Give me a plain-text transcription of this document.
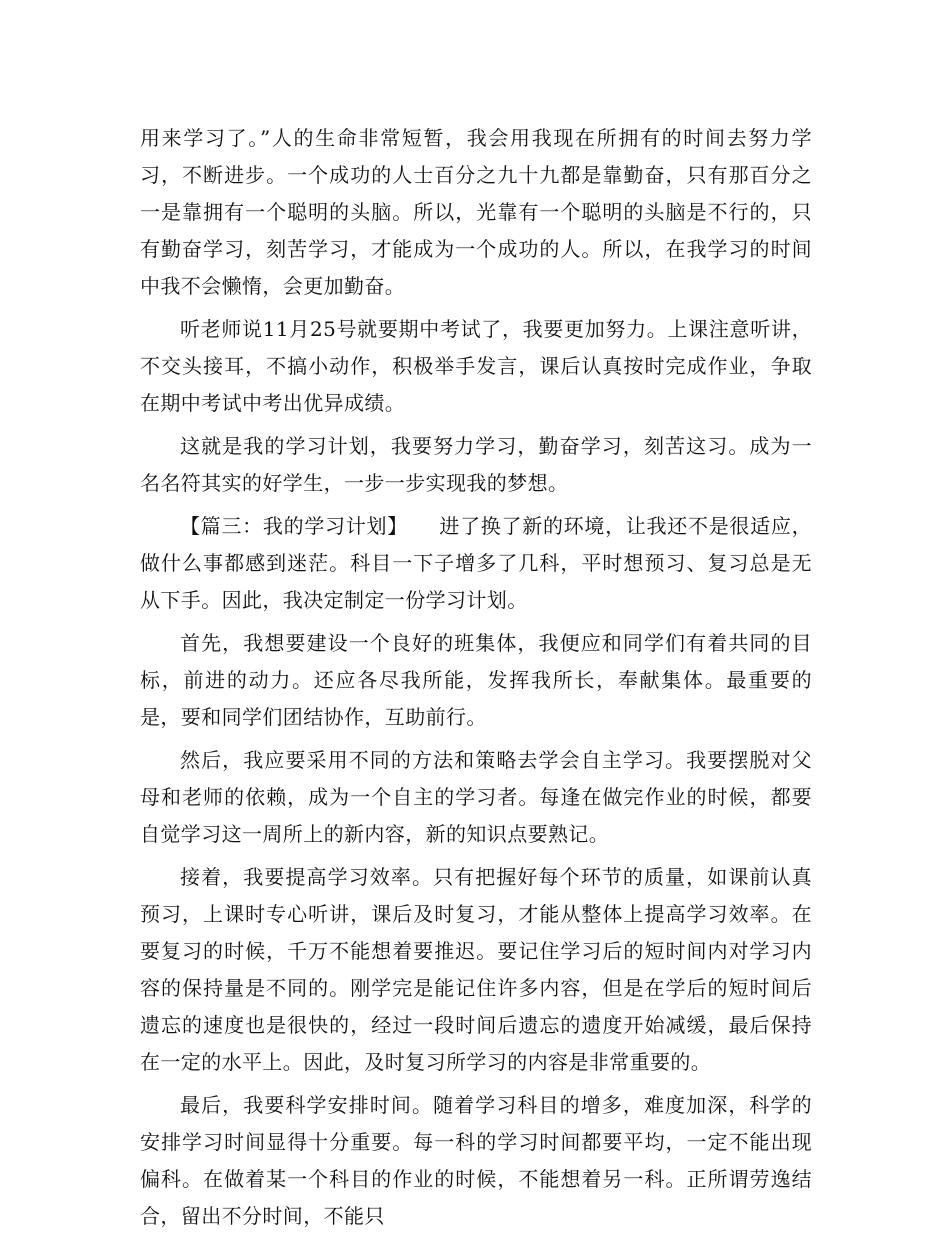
用来学习了。”人的生命非常短暂，我会用我现在所拥有的时间去努力学习，不断进步。一个成功的人士百分之九十九都是靠勤奋，只有那百分之一是靠拥有一个聪明的头脑。所以，光靠有一个聪明的头脑是不行的，只有勤奋学习，刻苦学习，才能成为一个成功的人。所以，在我学习的时间中我不会懒惰，会更加勤奋。

听老师说11月25号就要期中考试了，我要更加努力。上课注意听讲，不交头接耳，不搞小动作，积极举手发言，课后认真按时完成作业，争取在期中考试中考出优异成绩。

这就是我的学习计划，我要努力学习，勤奋学习，刻苦这习。成为一名名符其实的好学生，一步一步实现我的梦想。

【篇三：我的学习计划】　　进了换了新的环境，让我还不是很适应，做什么事都感到迷茫。科目一下子增多了几科，平时想预习、复习总是无从下手。因此，我决定制定一份学习计划。

首先，我想要建设一个良好的班集体，我便应和同学们有着共同的目标，前进的动力。还应各尽我所能，发挥我所长，奉献集体。最重要的是，要和同学们团结协作，互助前行。

然后，我应要采用不同的方法和策略去学会自主学习。我要摆脱对父母和老师的依赖，成为一个自主的学习者。每逢在做完作业的时候，都要自觉学习这一周所上的新内容，新的知识点要熟记。

接着，我要提高学习效率。只有把握好每个环节的质量，如课前认真预习，上课时专心听讲，课后及时复习，才能从整体上提高学习效率。在要复习的时候，千万不能想着要推迟。要记住学习后的短时间内对学习内容的保持量是不同的。刚学完是能记住许多内容，但是在学后的短时间后遗忘的速度也是很快的，经过一段时间后遗忘的遗度开始减缓，最后保持在一定的水平上。因此，及时复习所学习的内容是非常重要的。

最后，我要科学安排时间。随着学习科目的增多，难度加深，科学的安排学习时间显得十分重要。每一科的学习时间都要平均，一定不能出现偏科。在做着某一个科目的作业的时候，不能想着另一科。正所谓劳逸结合，留出不分时间，不能只
